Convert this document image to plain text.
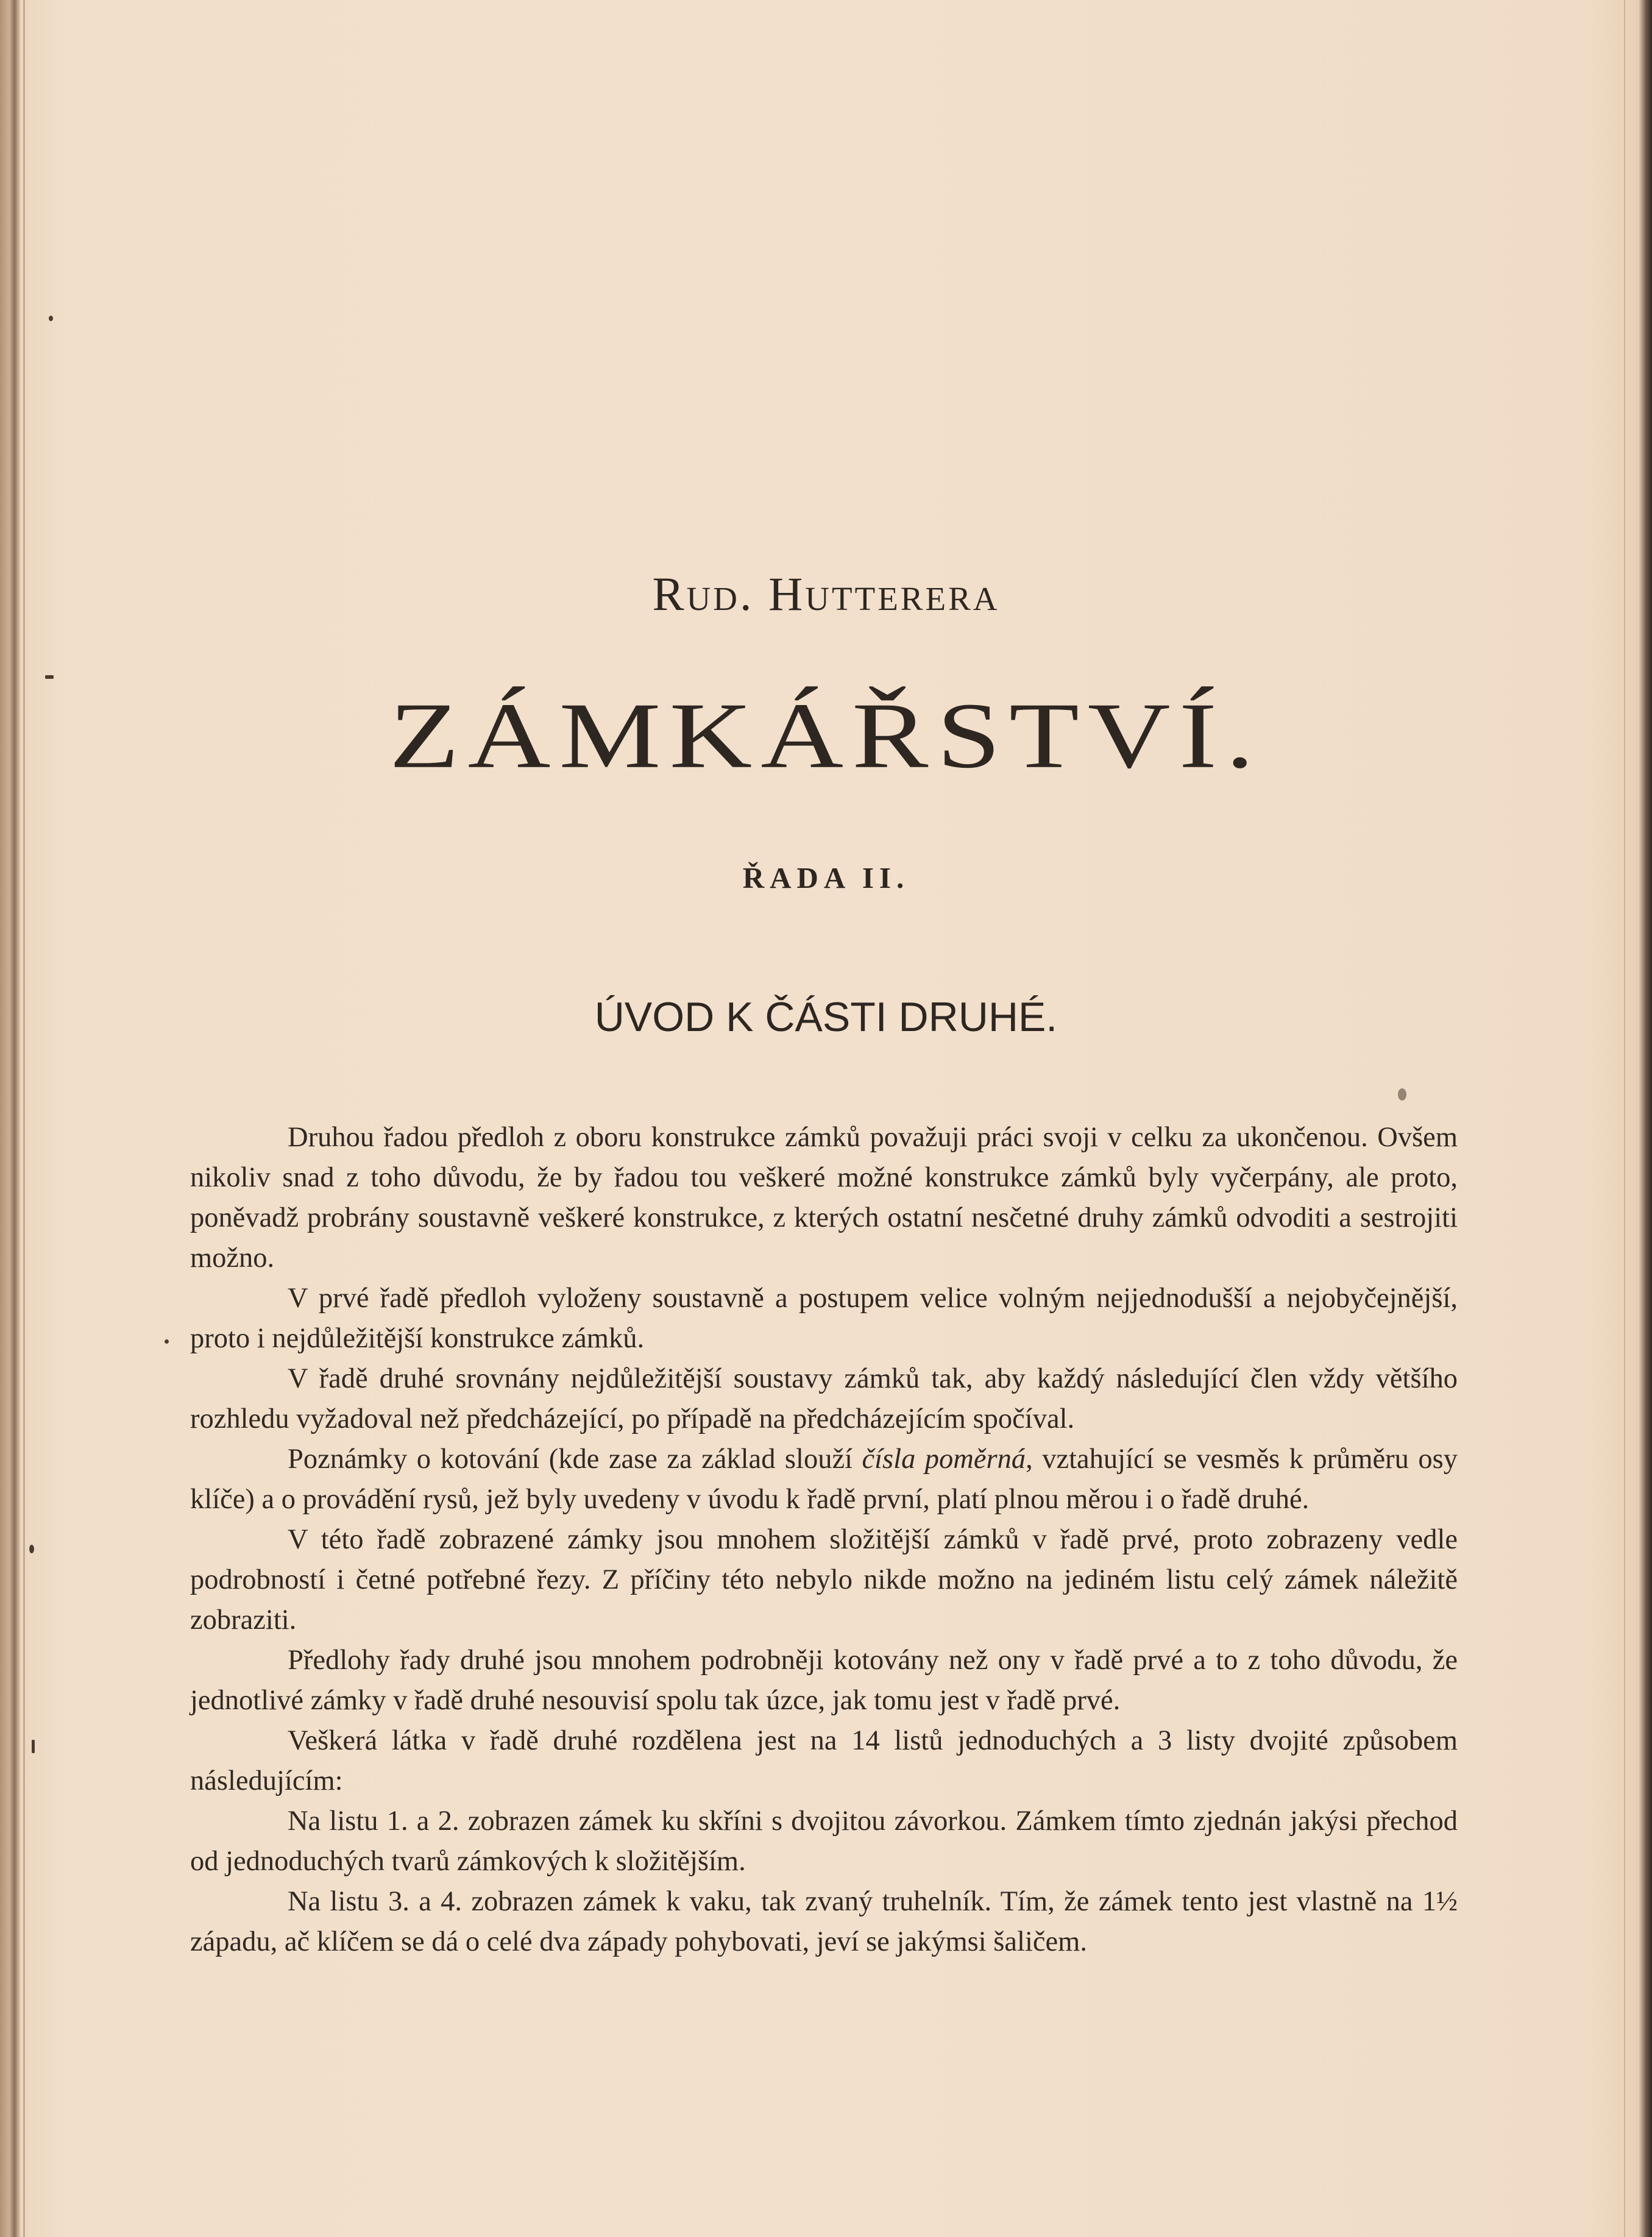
Rud. Hutterera
ZÁMKÁŘSTVÍ.
ŘADA II.
ÚVOD K ČÁSTI DRUHÉ.

Druhou řadou předloh z oboru konstrukce zámků považuji práci svoji v celku za ukončenou. Ovšem nikoliv snad z toho důvodu, že by řadou tou veškeré možné konstrukce zámků byly vyčerpány, ale proto, poněvadž probrány soustavně veškeré konstrukce, z kterých ostatní nesčetné druhy zámků odvoditi a sestrojiti možno.

V prvé řadě předloh vyloženy soustavně a postupem velice volným nejjednodušší a nejobyčejnější, proto i nejdůležitější konstrukce zámků.

V řadě druhé srovnány nejdůležitější soustavy zámků tak, aby každý následující člen vždy většího rozhledu vyžadoval než předcházející, po případě na předcházejícím spočíval.

Poznámky o kotování (kde zase za základ slouží čísla poměrná, vztahující se vesměs k průměru osy klíče) a o provádění rysů, jež byly uvedeny v úvodu k řadě první, platí plnou měrou i o řadě druhé.

V této řadě zobrazené zámky jsou mnohem složitější zámků v řadě prvé, proto zobrazeny vedle podrobností i četné potřebné řezy. Z příčiny této nebylo nikde možno na jediném listu celý zámek náležitě zobraziti.

Předlohy řady druhé jsou mnohem podrobněji kotovány než ony v řadě prvé a to z toho důvodu, že jednotlivé zámky v řadě druhé nesouvisí spolu tak úzce, jak tomu jest v řadě prvé.

Veškerá látka v řadě druhé rozdělena jest na 14 listů jednoduchých a 3 listy dvojité způsobem následujícím:

Na listu 1. a 2. zobrazen zámek ku skříni s dvojitou závorkou. Zámkem tímto zjednán jakýsi přechod od jednoduchých tvarů zámkových k složitějším.

Na listu 3. a 4. zobrazen zámek k vaku, tak zvaný truhelník. Tím, že zámek tento jest vlastně na 1½ západu, ač klíčem se dá o celé dva západy pohybovati, jeví se jakýmsi šaličem.
